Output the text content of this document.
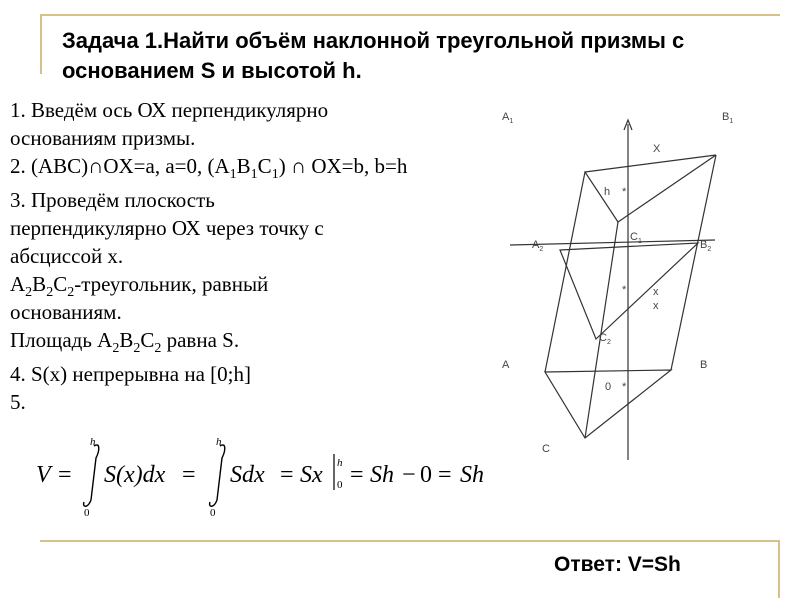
Задача 1.Найти объём наклонной треугольной призмы с
основанием S и высотой h.

1. Введём ось ОХ перпендикулярно

основаниям призмы.

2. (ABC)∩OX=a, a=0, $(A_1B_1C_1)$ ∩ OX=b, b=h

3. Проведём плоскость

перпендикулярно ОХ через точку с

абсциссой х.

$A_2B_2C_2$-треугольник, равный

основаниям.

Площадь $A_2B_2C_2$ равна S.

4. S(x) непрерывна на [0;h]

5.

V =
h
0
S(x)dx =
h
0
Sdx = Sx h
0 = Sh − 0 = Sh
Ответ: V=Sh
$A_1$	$B_1$
X
h *
$C_1$
$A_2$	$B_2$
* x
x
$C_2$
A	B
0 *
C
